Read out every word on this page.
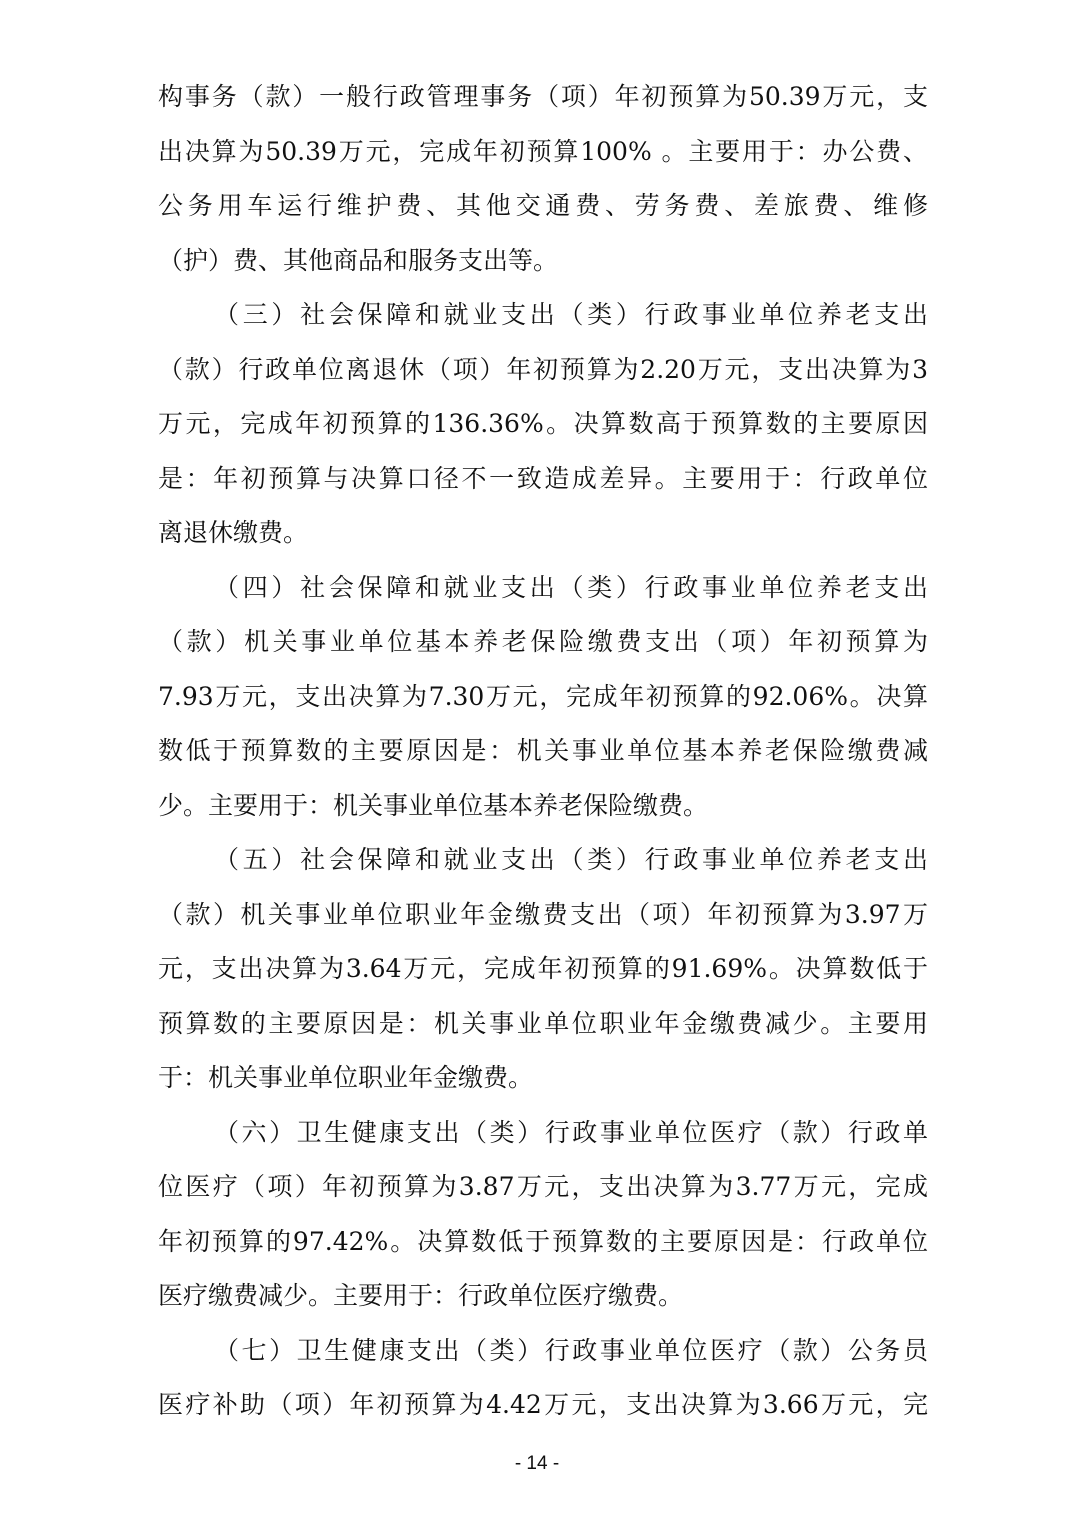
构事务（款）一般行政管理事务（项）年初预算为50.39万元，支
出决算为50.39万元，完成年初预算100% 。主要用于：办公费、
公务用车运行维护费、其他交通费、劳务费、差旅费、维修
（护）费、其他商品和服务支出等。
（三）社会保障和就业支出（类）行政事业单位养老支出
（款）行政单位离退休（项）年初预算为2.20万元，支出决算为3
万元，完成年初预算的136.36%。决算数高于预算数的主要原因
是：年初预算与决算口径不一致造成差异。主要用于：行政单位
离退休缴费。
（四）社会保障和就业支出（类）行政事业单位养老支出
（款）机关事业单位基本养老保险缴费支出（项）年初预算为
7.93万元，支出决算为7.30万元，完成年初预算的92.06%。决算
数低于预算数的主要原因是：机关事业单位基本养老保险缴费减
少。主要用于：机关事业单位基本养老保险缴费。
（五）社会保障和就业支出（类）行政事业单位养老支出
（款）机关事业单位职业年金缴费支出（项）年初预算为3.97万
元，支出决算为3.64万元，完成年初预算的91.69%。决算数低于
预算数的主要原因是：机关事业单位职业年金缴费减少。主要用
于：机关事业单位职业年金缴费。
（六）卫生健康支出（类）行政事业单位医疗（款）行政单
位医疗（项）年初预算为3.87万元，支出决算为3.77万元，完成
年初预算的97.42%。决算数低于预算数的主要原因是：行政单位
医疗缴费减少。主要用于：行政单位医疗缴费。
（七）卫生健康支出（类）行政事业单位医疗（款）公务员
医疗补助（项）年初预算为4.42万元，支出决算为3.66万元，完
- 14 -
